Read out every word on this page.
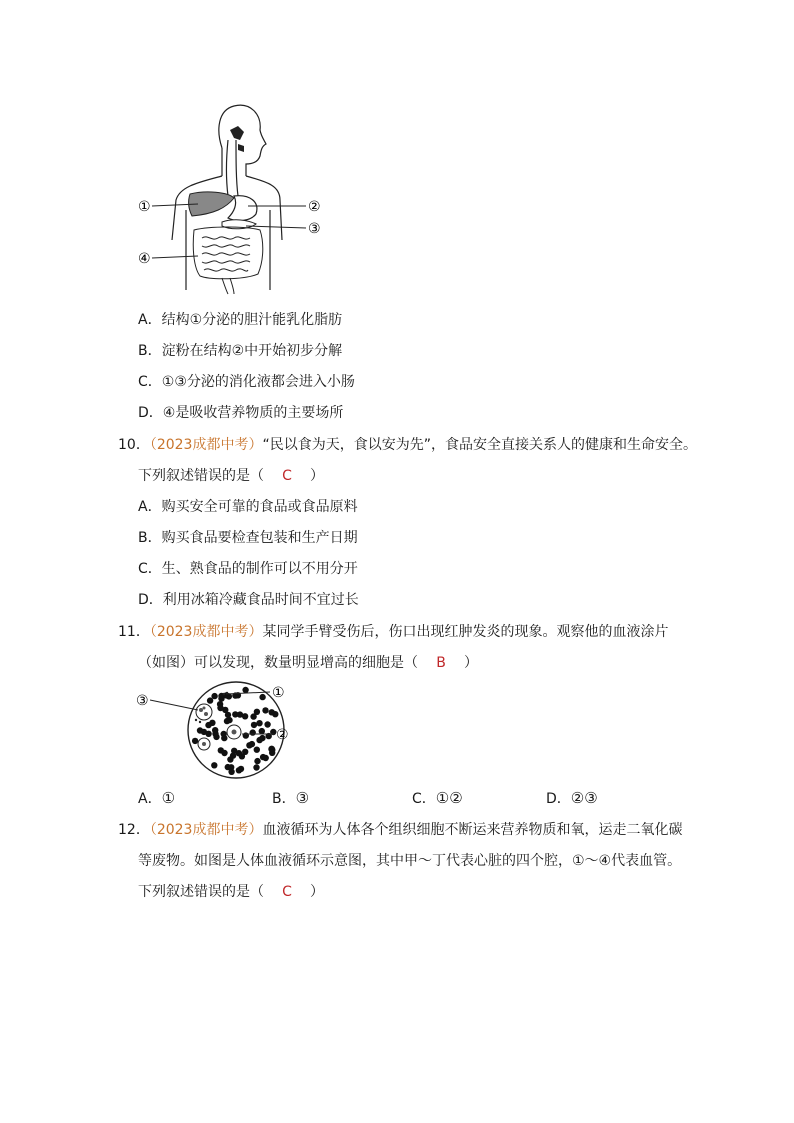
①	②
③
④
A．结构①分泌的胆汁能乳化脂肪
B．淀粉在结构②中开始初步分解
C．①③分泌的消化液都会进入小肠
D．④是吸收营养物质的主要场所
10．（2023成都中考）“民以食为天，食以安为先”，食品安全直接关系人的健康和生命安全。
下列叙述错误的是（ C ）
A．购买安全可靠的食品或食品原料
B．购买食品要检查包装和生产日期
C．生、熟食品的制作可以不用分开
D．利用冰箱冷藏食品时间不宜过长
11．（2023成都中考）某同学手臂受伤后，伤口出现红肿发炎的现象。观察他的血液涂片
（如图）可以发现，数量明显增高的细胞是（ B ）
③	①
②
A．①	B．③	C．①②	D．②③
12．（2023成都中考）血液循环为人体各个组织细胞不断运来营养物质和氧，运走二氧化碳
等废物。如图是人体血液循环示意图，其中甲～丁代表心脏的四个腔，①～④代表血管。
下列叙述错误的是（ C ）
